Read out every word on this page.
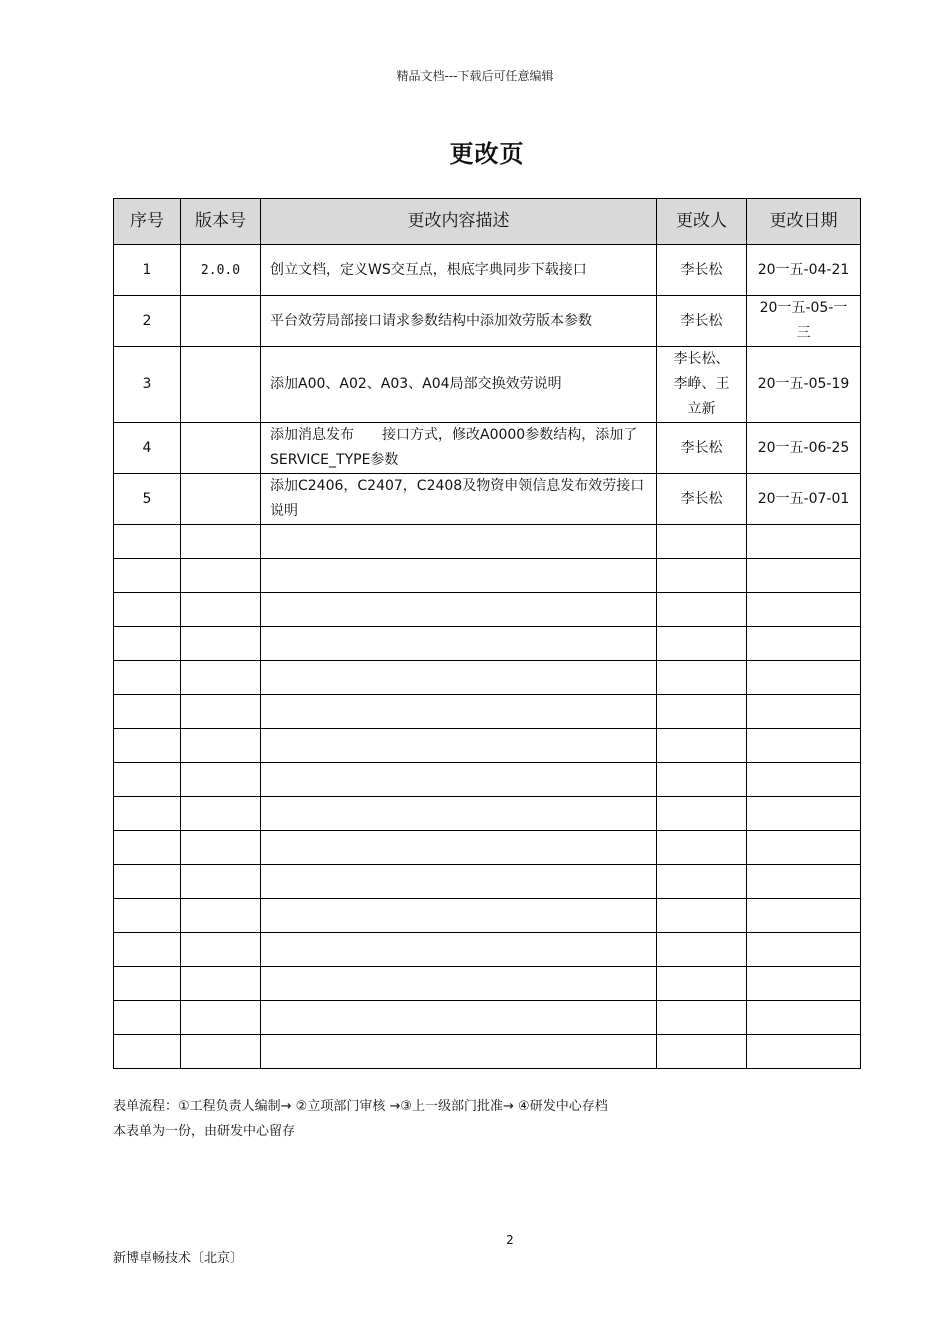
精品文档---下载后可任意编辑
更改页
序号	版本号	更改内容描述	更改人	更改日期
1	2.0.0	创立文档，定义WS交互点，根底字典同步下载接口	李长松	20一五-04-21
2		平台效劳局部接口请求参数结构中添加效劳版本参数	李长松	20一五-05-一三
3		添加A00、A02、A03、A04局部交换效劳说明	李长松、李峥、王立新	20一五-05-19
4		添加消息发布　　接口方式，修改A0000参数结构，添加了SERVICE_TYPE参数	李长松	20一五-06-25
5		添加C2406，C2407，C2408及物资申领信息发布效劳接口说明	李长松	20一五-07-01

表单流程：①工程负责人编制→ ②立项部门审核 →③上一级部门批准→ ④研发中心存档
本表单为一份，由研发中心留存
2
新博卓畅技术〔北京〕
